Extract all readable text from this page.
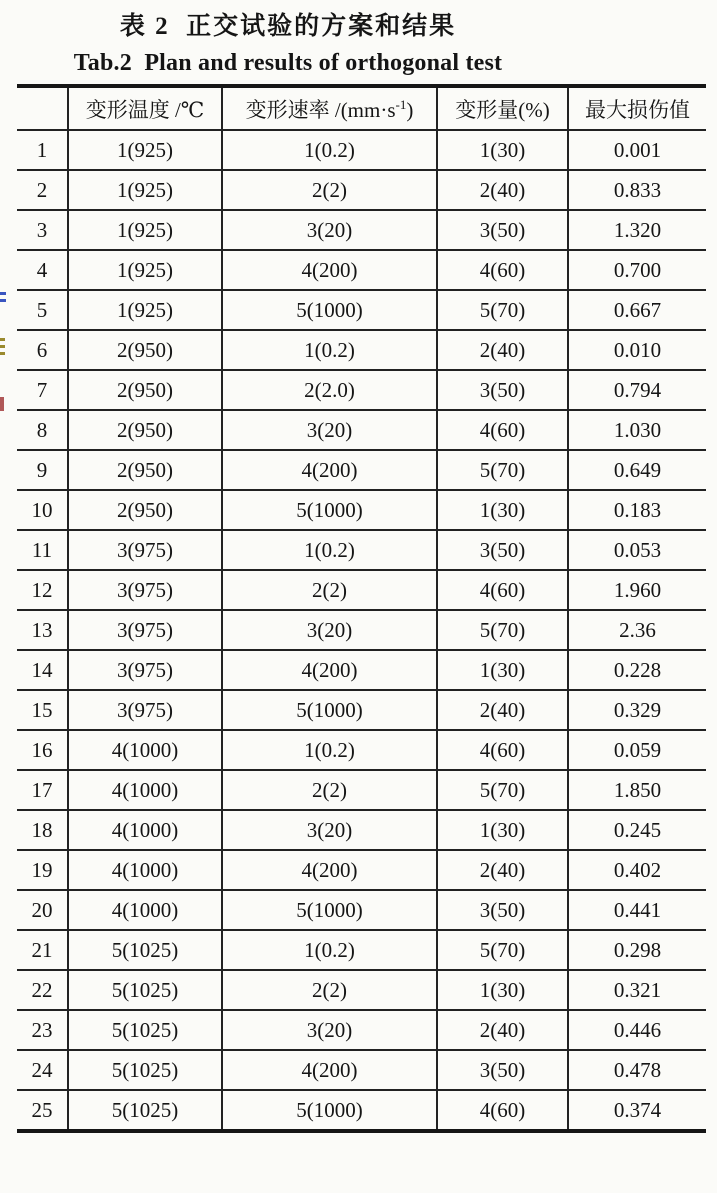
表 2  正交试验的方案和结果
Tab.2  Plan and results of orthogonal test
	变形温度 /℃	变形速率 $/(mm\cdot s^{-1})$	变形量(%)	最大损伤值
1	1(925)	1(0.2)	1(30)	0.001
2	1(925)	2(2)	2(40)	0.833
3	1(925)	3(20)	3(50)	1.320
4	1(925)	4(200)	4(60)	0.700
5	1(925)	5(1000)	5(70)	0.667
6	2(950)	1(0.2)	2(40)	0.010
7	2(950)	2(2.0)	3(50)	0.794
8	2(950)	3(20)	4(60)	1.030
9	2(950)	4(200)	5(70)	0.649
10	2(950)	5(1000)	1(30)	0.183
11	3(975)	1(0.2)	3(50)	0.053
12	3(975)	2(2)	4(60)	1.960
13	3(975)	3(20)	5(70)	2.36
14	3(975)	4(200)	1(30)	0.228
15	3(975)	5(1000)	2(40)	0.329
16	4(1000)	1(0.2)	4(60)	0.059
17	4(1000)	2(2)	5(70)	1.850
18	4(1000)	3(20)	1(30)	0.245
19	4(1000)	4(200)	2(40)	0.402
20	4(1000)	5(1000)	3(50)	0.441
21	5(1025)	1(0.2)	5(70)	0.298
22	5(1025)	2(2)	1(30)	0.321
23	5(1025)	3(20)	2(40)	0.446
24	5(1025)	4(200)	3(50)	0.478
25	5(1025)	5(1000)	4(60)	0.374
